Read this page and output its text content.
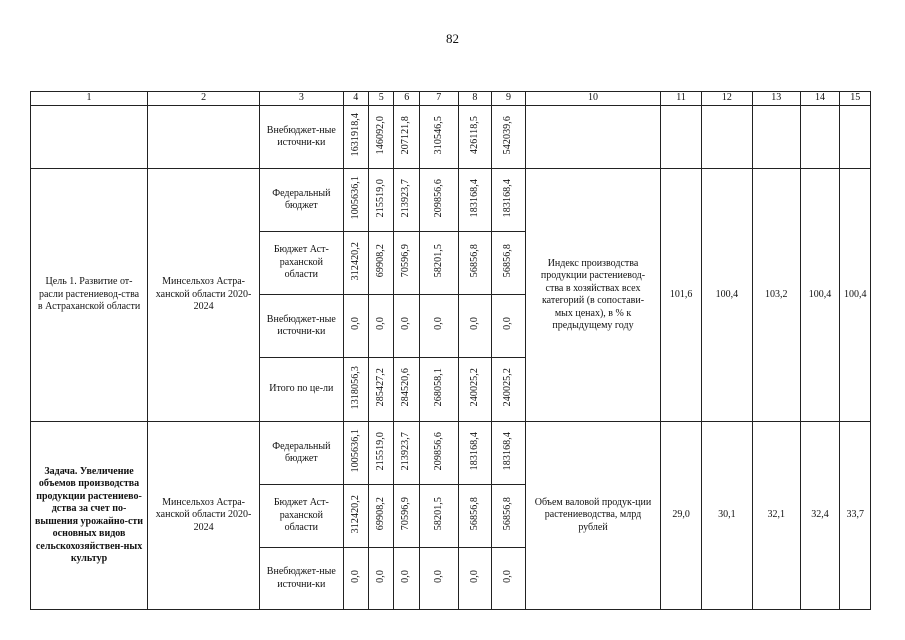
82
1	2	3	4	5	6	7	8	9	10	11	12	13	14	15
		Внебюджет-ные источни-ки	1631918,4	146092,0	207121,8	310546,5	426118,5	542039,6						
Цель 1. Развитие от-расли растениевод-ства в Астраханской области	Минсельхоз Астра-ханской области 2020-2024	Федеральный бюджет	1005636,1	215519,0	213923,7	209856,6	183168,4	183168,4	Индекс производства продукции растениевод-ства в хозяйствах всех категорий (в сопостави-мых ценах), в % к предыдущему году	101,6	100,4	103,2	100,4	100,4
		Бюджет Аст-раханской области	312420,2	69908,2	70596,9	58201,5	56856,8	56856,8						
		Внебюджет-ные источни-ки	0,0	0,0	0,0	0,0	0,0	0,0						
		Итого по це-ли	1318056,3	285427,2	284520,6	268058,1	240025,2	240025,2						
Задача. Увеличение объемов производства продукции растениево-дства за счет по-вышения урожайно-сти основных видов сельскохозяйствен-ных культур	Минсельхоз Астра-ханской области 2020-2024	Федеральный бюджет	1005636,1	215519,0	213923,7	209856,6	183168,4	183168,4	Объем валовой продук-ции растениеводства, млрд рублей	29,0	30,1	32,1	32,4	33,7
		Бюджет Аст-раханской области	312420,2	69908,2	70596,9	58201,5	56856,8	56856,8						
		Внебюджет-ные источни-ки	0,0	0,0	0,0	0,0	0,0	0,0						
